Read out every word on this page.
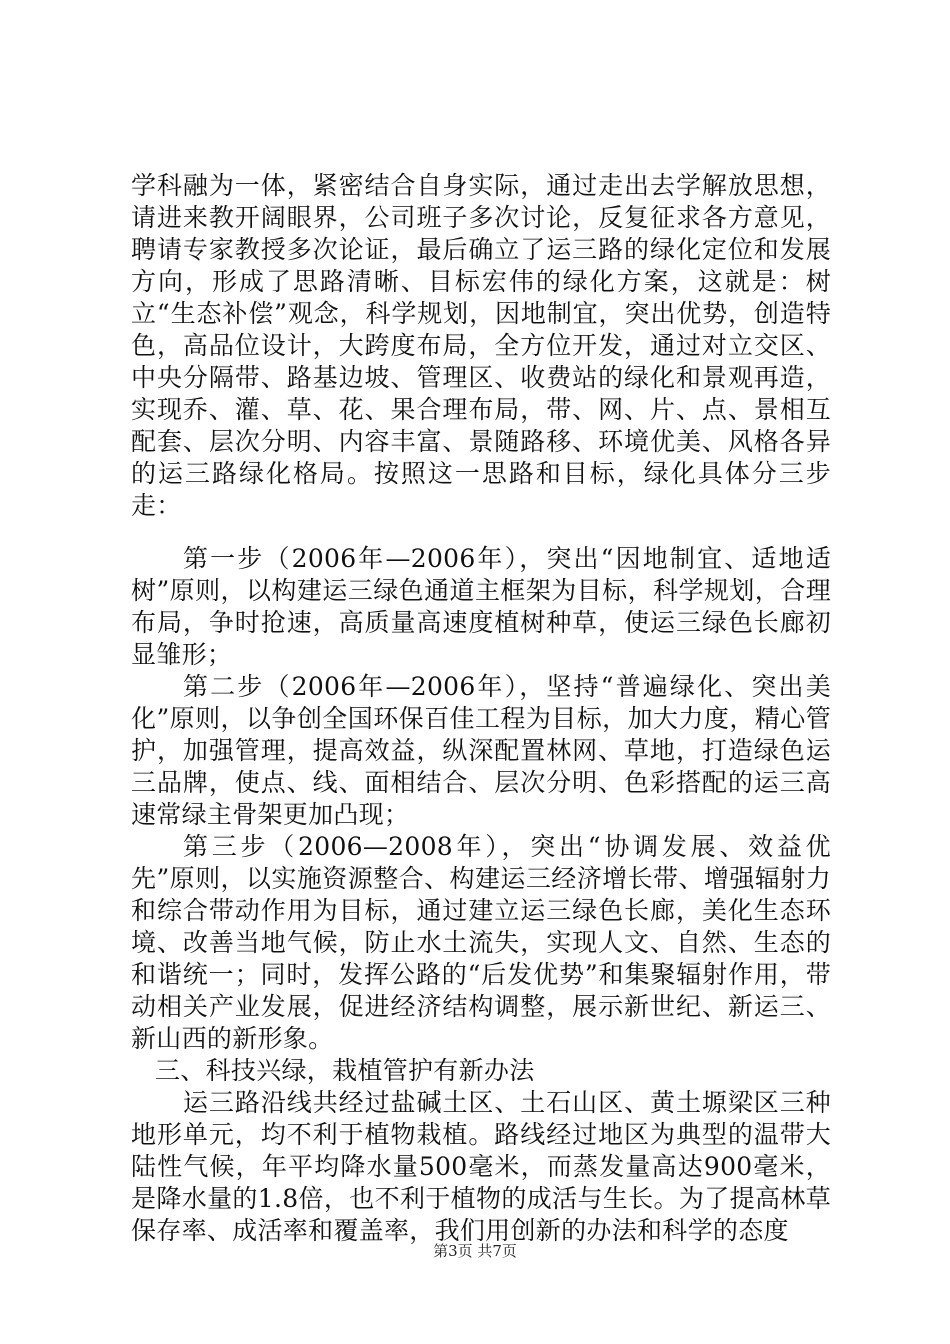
学科融为一体，紧密结合自身实际，通过走出去学解放思想，请进来教开阔眼界，公司班子多次讨论，反复征求各方意见，聘请专家教授多次论证，最后确立了运三路的绿化定位和发展方向，形成了思路清晰、目标宏伟的绿化方案，这就是：树立“生态补偿”观念，科学规划，因地制宜，突出优势，创造特色，高品位设计，大跨度布局，全方位开发，通过对立交区、中央分隔带、路基边坡、管理区、收费站的绿化和景观再造，实现乔、灌、草、花、果合理布局，带、网、片、点、景相互配套、层次分明、内容丰富、景随路移、环境优美、风格各异的运三路绿化格局。按照这一思路和目标，绿化具体分三步走：

第一步（2006年—2006年），突出“因地制宜、适地适树”原则，以构建运三绿色通道主框架为目标，科学规划，合理布局，争时抢速，高质量高速度植树种草，使运三绿色长廊初显雏形；

第二步（2006年—2006年），坚持“普遍绿化、突出美化”原则，以争创全国环保百佳工程为目标，加大力度，精心管护，加强管理，提高效益，纵深配置林网、草地，打造绿色运三品牌，使点、线、面相结合、层次分明、色彩搭配的运三高速常绿主骨架更加凸现；

第三步（2006—2008年），突出“协调发展、效益优先”原则，以实施资源整合、构建运三经济增长带、增强辐射力和综合带动作用为目标，通过建立运三绿色长廊，美化生态环境、改善当地气候，防止水土流失，实现人文、自然、生态的和谐统一；同时，发挥公路的“后发优势”和集聚辐射作用，带动相关产业发展，促进经济结构调整，展示新世纪、新运三、新山西的新形象。

三、科技兴绿，栽植管护有新办法

运三路沿线共经过盐碱土区、土石山区、黄土塬梁区三种地形单元，均不利于植物栽植。路线经过地区为典型的温带大陆性气候，年平均降水量500毫米，而蒸发量高达900毫米，是降水量的1.8倍，也不利于植物的成活与生长。为了提高林草保存率、成活率和覆盖率，我们用创新的办法和科学的态度

第3页 共7页
